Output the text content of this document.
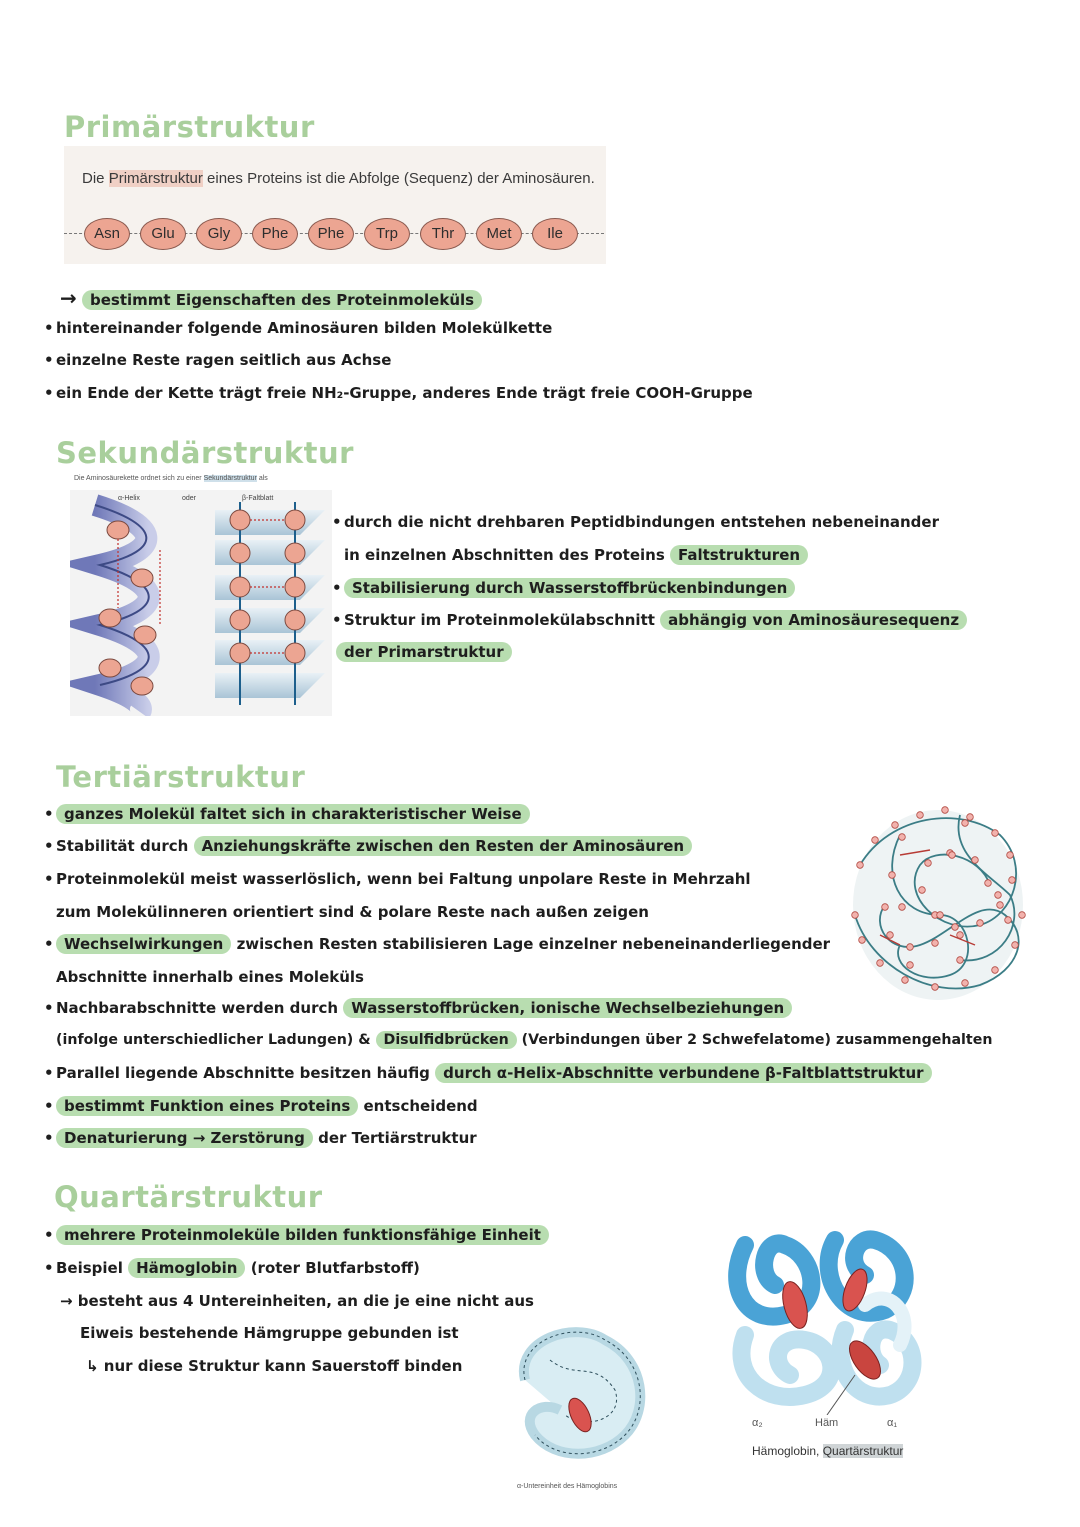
Primärstruktur
Die Primärstruktur eines Proteins ist die Abfolge (Sequenz) der Aminosäuren.
Asn	Glu	Gly	Phe	Phe	Trp	Thr	Met	Ile
→ bestimmt Eigenschaften des Proteinmoleküls
• hintereinander folgende Aminosäuren bilden Molekülkette
• einzelne Reste ragen seitlich aus Achse
• ein Ende der Kette trägt freie NH₂-Gruppe, anderes Ende trägt freie COOH-Gruppe
Sekundärstruktur
Die Aminosäurekette ordnet sich zu einer Sekundärstruktur als
α-Helix	oder	β-Faltblatt
• durch die nicht drehbaren Peptidbindungen entstehen nebeneinander
in einzelnen Abschnitten des Proteins Faltstrukturen
• Stabilisierung durch Wasserstoffbrückenbindungen
• Struktur im Proteinmolekülabschnitt abhängig von Aminosäuresequenz
der Primarstruktur
Tertiärstruktur
• ganzes Molekül faltet sich in charakteristischer Weise
• Stabilität durch Anziehungskräfte zwischen den Resten der Aminosäuren
• Proteinmolekül meist wasserlöslich, wenn bei Faltung unpolare Reste in Mehrzahl
zum Molekülinneren orientiert sind & polare Reste nach außen zeigen
• Wechselwirkungen zwischen Resten stabilisieren Lage einzelner nebeneinanderliegender
Abschnitte innerhalb eines Moleküls
• Nachbarabschnitte werden durch Wasserstoffbrücken, ionische Wechselbeziehungen
(infolge unterschiedlicher Ladungen) & Disulfidbrücken (Verbindungen über 2 Schwefelatome) zusammengehalten
• Parallel liegende Abschnitte besitzen häufig durch α-Helix-Abschnitte verbundene β-Faltblattstruktur
• bestimmt Funktion eines Proteins entscheidend
• Denaturierung → Zerstörung der Tertiärstruktur
Quartärstruktur
• mehrere Proteinmoleküle bilden funktionsfähige Einheit
• Beispiel Hämoglobin (roter Blutfarbstoff)
→ besteht aus 4 Untereinheiten, an die je eine nicht aus
Eiweis bestehende Hämgruppe gebunden ist
↳ nur diese Struktur kann Sauerstoff binden
α-Untereinheit des Hämoglobins
α₂	Häm	α₁
Hämoglobin, Quartärstruktur
